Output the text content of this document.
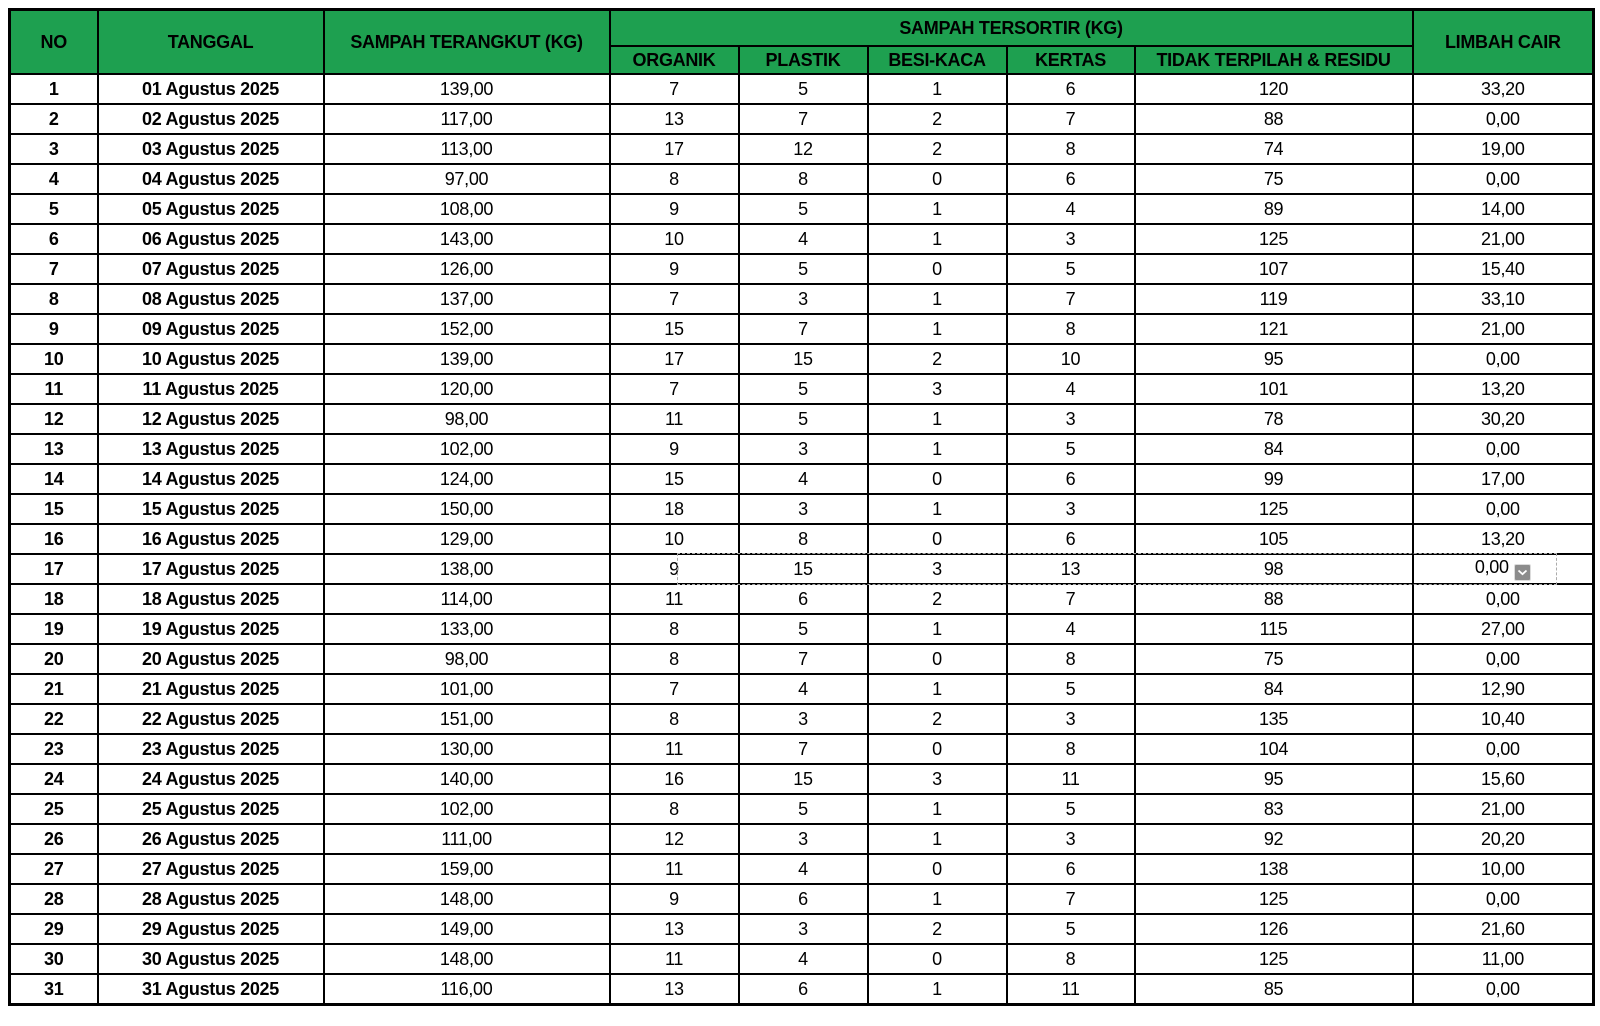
NO	TANGGAL	SAMPAH TERANGKUT (KG)	SAMPAH TERSORTIR (KG)					LIMBAH CAIR
			ORGANIK	PLASTIK	BESI-KACA	KERTAS	TIDAK TERPILAH & RESIDU	
1	01 Agustus 2025	139,00	7	5	1	6	120	33,20
2	02 Agustus 2025	117,00	13	7	2	7	88	0,00
3	03 Agustus 2025	113,00	17	12	2	8	74	19,00
4	04 Agustus 2025	97,00	8	8	0	6	75	0,00
5	05 Agustus 2025	108,00	9	5	1	4	89	14,00
6	06 Agustus 2025	143,00	10	4	1	3	125	21,00
7	07 Agustus 2025	126,00	9	5	0	5	107	15,40
8	08 Agustus 2025	137,00	7	3	1	7	119	33,10
9	09 Agustus 2025	152,00	15	7	1	8	121	21,00
10	10 Agustus 2025	139,00	17	15	2	10	95	0,00
11	11 Agustus 2025	120,00	7	5	3	4	101	13,20
12	12 Agustus 2025	98,00	11	5	1	3	78	30,20
13	13 Agustus 2025	102,00	9	3	1	5	84	0,00
14	14 Agustus 2025	124,00	15	4	0	6	99	17,00
15	15 Agustus 2025	150,00	18	3	1	3	125	0,00
16	16 Agustus 2025	129,00	10	8	0	6	105	13,20
17	17 Agustus 2025	138,00	9	15	3	13	98	0,00

18	18 Agustus 2025	114,00	11	6	2	7	88	0,00
19	19 Agustus 2025	133,00	8	5	1	4	115	27,00
20	20 Agustus 2025	98,00	8	7	0	8	75	0,00
21	21 Agustus 2025	101,00	7	4	1	5	84	12,90
22	22 Agustus 2025	151,00	8	3	2	3	135	10,40
23	23 Agustus 2025	130,00	11	7	0	8	104	0,00
24	24 Agustus 2025	140,00	16	15	3	11	95	15,60
25	25 Agustus 2025	102,00	8	5	1	5	83	21,00
26	26 Agustus 2025	111,00	12	3	1	3	92	20,20
27	27 Agustus 2025	159,00	11	4	0	6	138	10,00
28	28 Agustus 2025	148,00	9	6	1	7	125	0,00
29	29 Agustus 2025	149,00	13	3	2	5	126	21,60
30	30 Agustus 2025	148,00	11	4	0	8	125	11,00
31	31 Agustus 2025	116,00	13	6	1	11	85	0,00
